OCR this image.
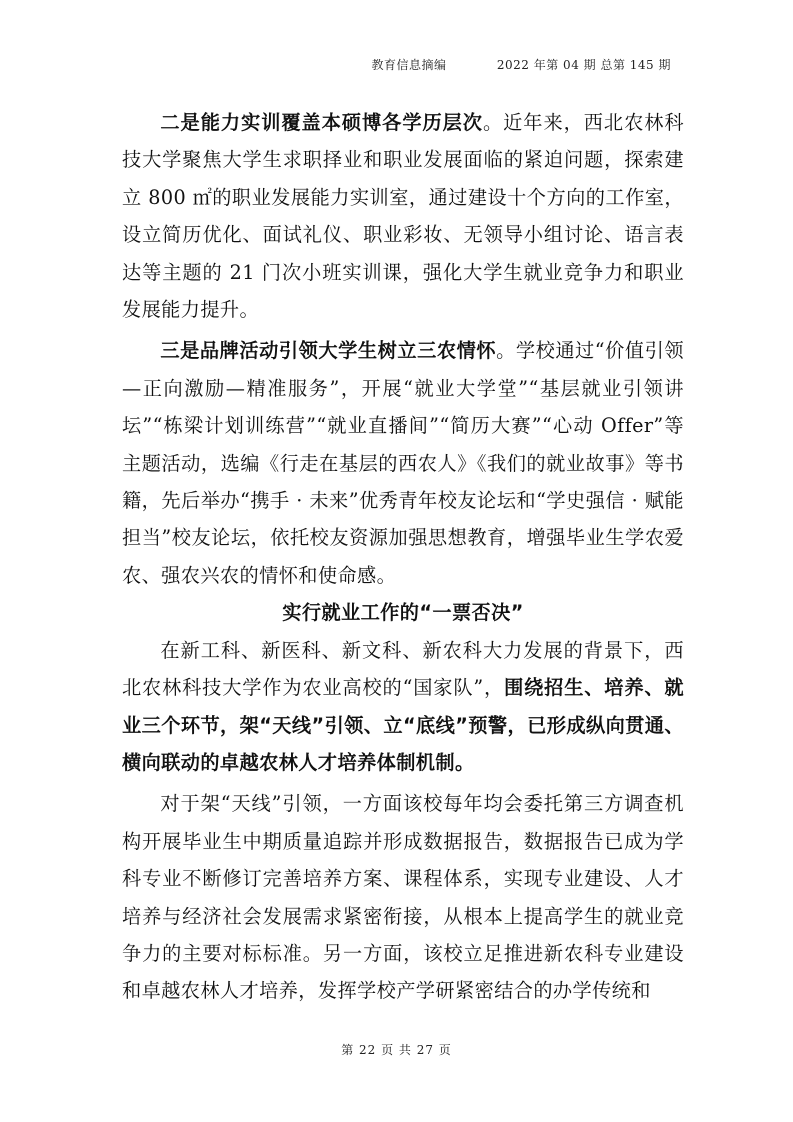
教育信息摘编	2022 年第 04 期 总第 145 期

二是能力实训覆盖本硕博各学历层次。近年来，西北农林科技大学聚焦大学生求职择业和职业发展面临的紧迫问题，探索建立 800 ㎡的职业发展能力实训室，通过建设十个方向的工作室，设立简历优化、面试礼仪、职业彩妆、无领导小组讨论、语言表达等主题的 21 门次小班实训课，强化大学生就业竞争力和职业发展能力提升。

三是品牌活动引领大学生树立三农情怀。学校通过“价值引领—正向激励—精准服务”，开展“就业大学堂”“基层就业引领讲坛”“栋梁计划训练营”“就业直播间”“简历大赛”“心动 Offer”等主题活动，选编《行走在基层的西农人》《我们的就业故事》等书籍，先后举办“携手 · 未来”优秀青年校友论坛和“学史强信 · 赋能担当”校友论坛，依托校友资源加强思想教育，增强毕业生学农爱农、强农兴农的情怀和使命感。

实行就业工作的“一票否决”

在新工科、新医科、新文科、新农科大力发展的背景下，西北农林科技大学作为农业高校的“国家队”，围绕招生、培养、就业三个环节，架“天线”引领、立“底线”预警，已形成纵向贯通、横向联动的卓越农林人才培养体制机制。

对于架“天线”引领，一方面该校每年均会委托第三方调查机构开展毕业生中期质量追踪并形成数据报告，数据报告已成为学科专业不断修订完善培养方案、课程体系，实现专业建设、人才培养与经济社会发展需求紧密衔接，从根本上提高学生的就业竞争力的主要对标标准。另一方面，该校立足推进新农科专业建设和卓越农林人才培养，发挥学校产学研紧密结合的办学传统和

第 22 页 共 27 页
